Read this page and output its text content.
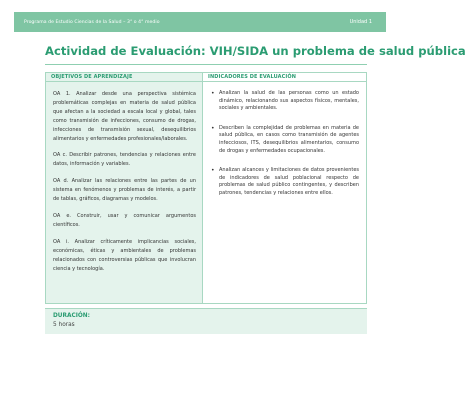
Programa de Estudio Ciencias de la Salud – 3° o 4° medio	Unidad 1
Actividad de Evaluación: VIH/SIDA un problema de salud pública
OBJETIVOS DE APRENDIZAJE

OA 1. Analizar desde una perspectiva sistémica problemáticas complejas en materia de salud pública que afectan a la sociedad a escala local y global, tales como transmisión de infecciones, consumo de drogas, infecciones de transmisión sexual, desequilibrios alimentarios y enfermedades profesionales/laborales.

OA c. Describir patrones, tendencias y relaciones entre datos, información y variables.

OA d. Analizar las relaciones entre las partes de un sistema en fenómenos y problemas de interés, a partir de tablas, gráficos, diagramas y modelos.

OA e. Construir, usar y comunicar argumentos científicos.

OA i. Analizar críticamente implicancias sociales, económicas, éticas y ambientales de problemas relacionados con controversias públicas que involucran ciencia y tecnología.

INDICADORES DE EVALUACIÓN
• Analizan la salud de las personas como un estado dinámico, relacionando sus aspectos físicos, mentales, sociales y ambientales.
• Describen la complejidad de problemas en materia de salud pública, en casos como transmisión de agentes infecciosos, ITS, desequilibrios alimentarios, consumo de drogas y enfermedades ocupacionales.
• Analizan alcances y limitaciones de datos provenientes de indicadores de salud poblacional respecto de problemas de salud público contingentes, y describen patrones, tendencias y relaciones entre ellos.
DURACIÓN:
5 horas
